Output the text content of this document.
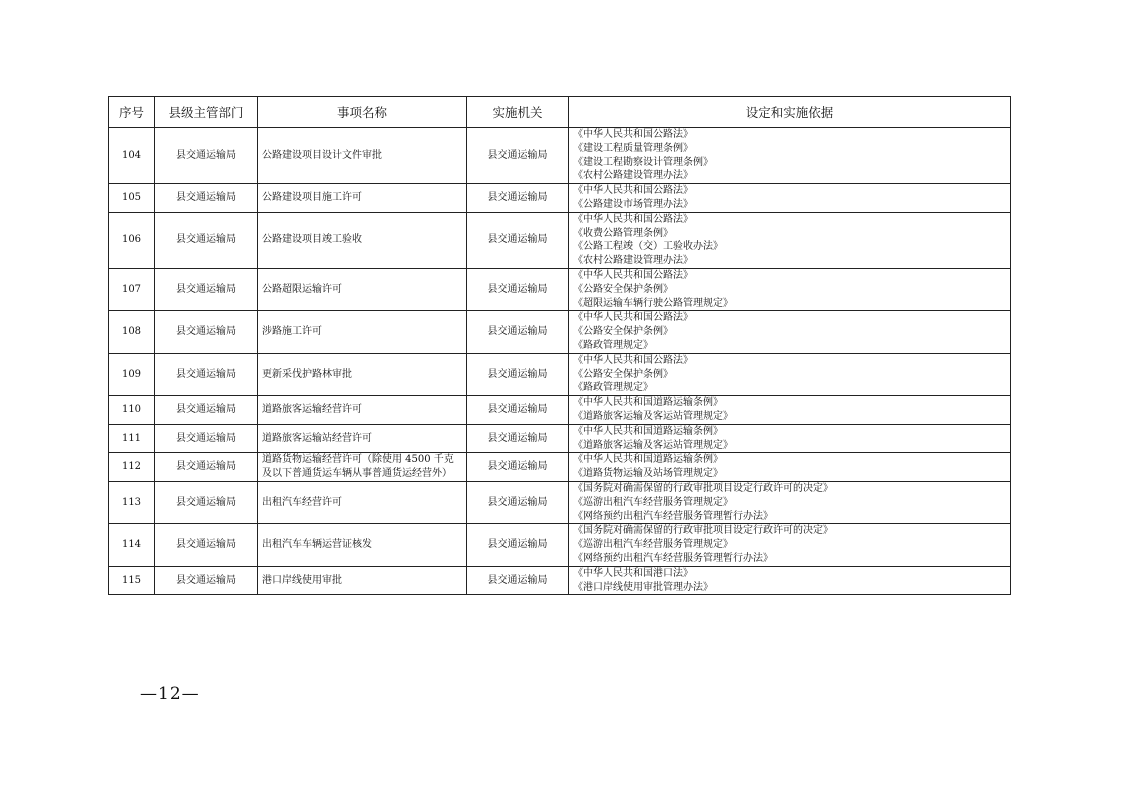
序号	县级主管部门	事项名称	实施机关	设定和实施依据
104	县交通运输局	公路建设项目设计文件审批	县交通运输局	《中华人民共和国公路法》
《建设工程质量管理条例》
《建设工程勘察设计管理条例》
《农村公路建设管理办法》

105	县交通运输局	公路建设项目施工许可	县交通运输局	《中华人民共和国公路法》
《公路建设市场管理办法》

106	县交通运输局	公路建设项目竣工验收	县交通运输局	《中华人民共和国公路法》
《收费公路管理条例》
《公路工程竣（交）工验收办法》
《农村公路建设管理办法》

107	县交通运输局	公路超限运输许可	县交通运输局	《中华人民共和国公路法》
《公路安全保护条例》
《超限运输车辆行驶公路管理规定》

108	县交通运输局	涉路施工许可	县交通运输局	《中华人民共和国公路法》
《公路安全保护条例》
《路政管理规定》

109	县交通运输局	更新采伐护路林审批	县交通运输局	《中华人民共和国公路法》
《公路安全保护条例》
《路政管理规定》

110	县交通运输局	道路旅客运输经营许可	县交通运输局	《中华人民共和国道路运输条例》
《道路旅客运输及客运站管理规定》

111	县交通运输局	道路旅客运输站经营许可	县交通运输局	《中华人民共和国道路运输条例》
《道路旅客运输及客运站管理规定》

112	县交通运输局	道路货物运输经营许可（除使用 4500 千克及以下普通货运车辆从事普通货运经营外）	县交通运输局	《中华人民共和国道路运输条例》
《道路货物运输及站场管理规定》

113	县交通运输局	出租汽车经营许可	县交通运输局	《国务院对确需保留的行政审批项目设定行政许可的决定》
《巡游出租汽车经营服务管理规定》
《网络预约出租汽车经营服务管理暂行办法》

114	县交通运输局	出租汽车车辆运营证核发	县交通运输局	《国务院对确需保留的行政审批项目设定行政许可的决定》
《巡游出租汽车经营服务管理规定》
《网络预约出租汽车经营服务管理暂行办法》

115	县交通运输局	港口岸线使用审批	县交通运输局	《中华人民共和国港口法》
《港口岸线使用审批管理办法》
—12—
